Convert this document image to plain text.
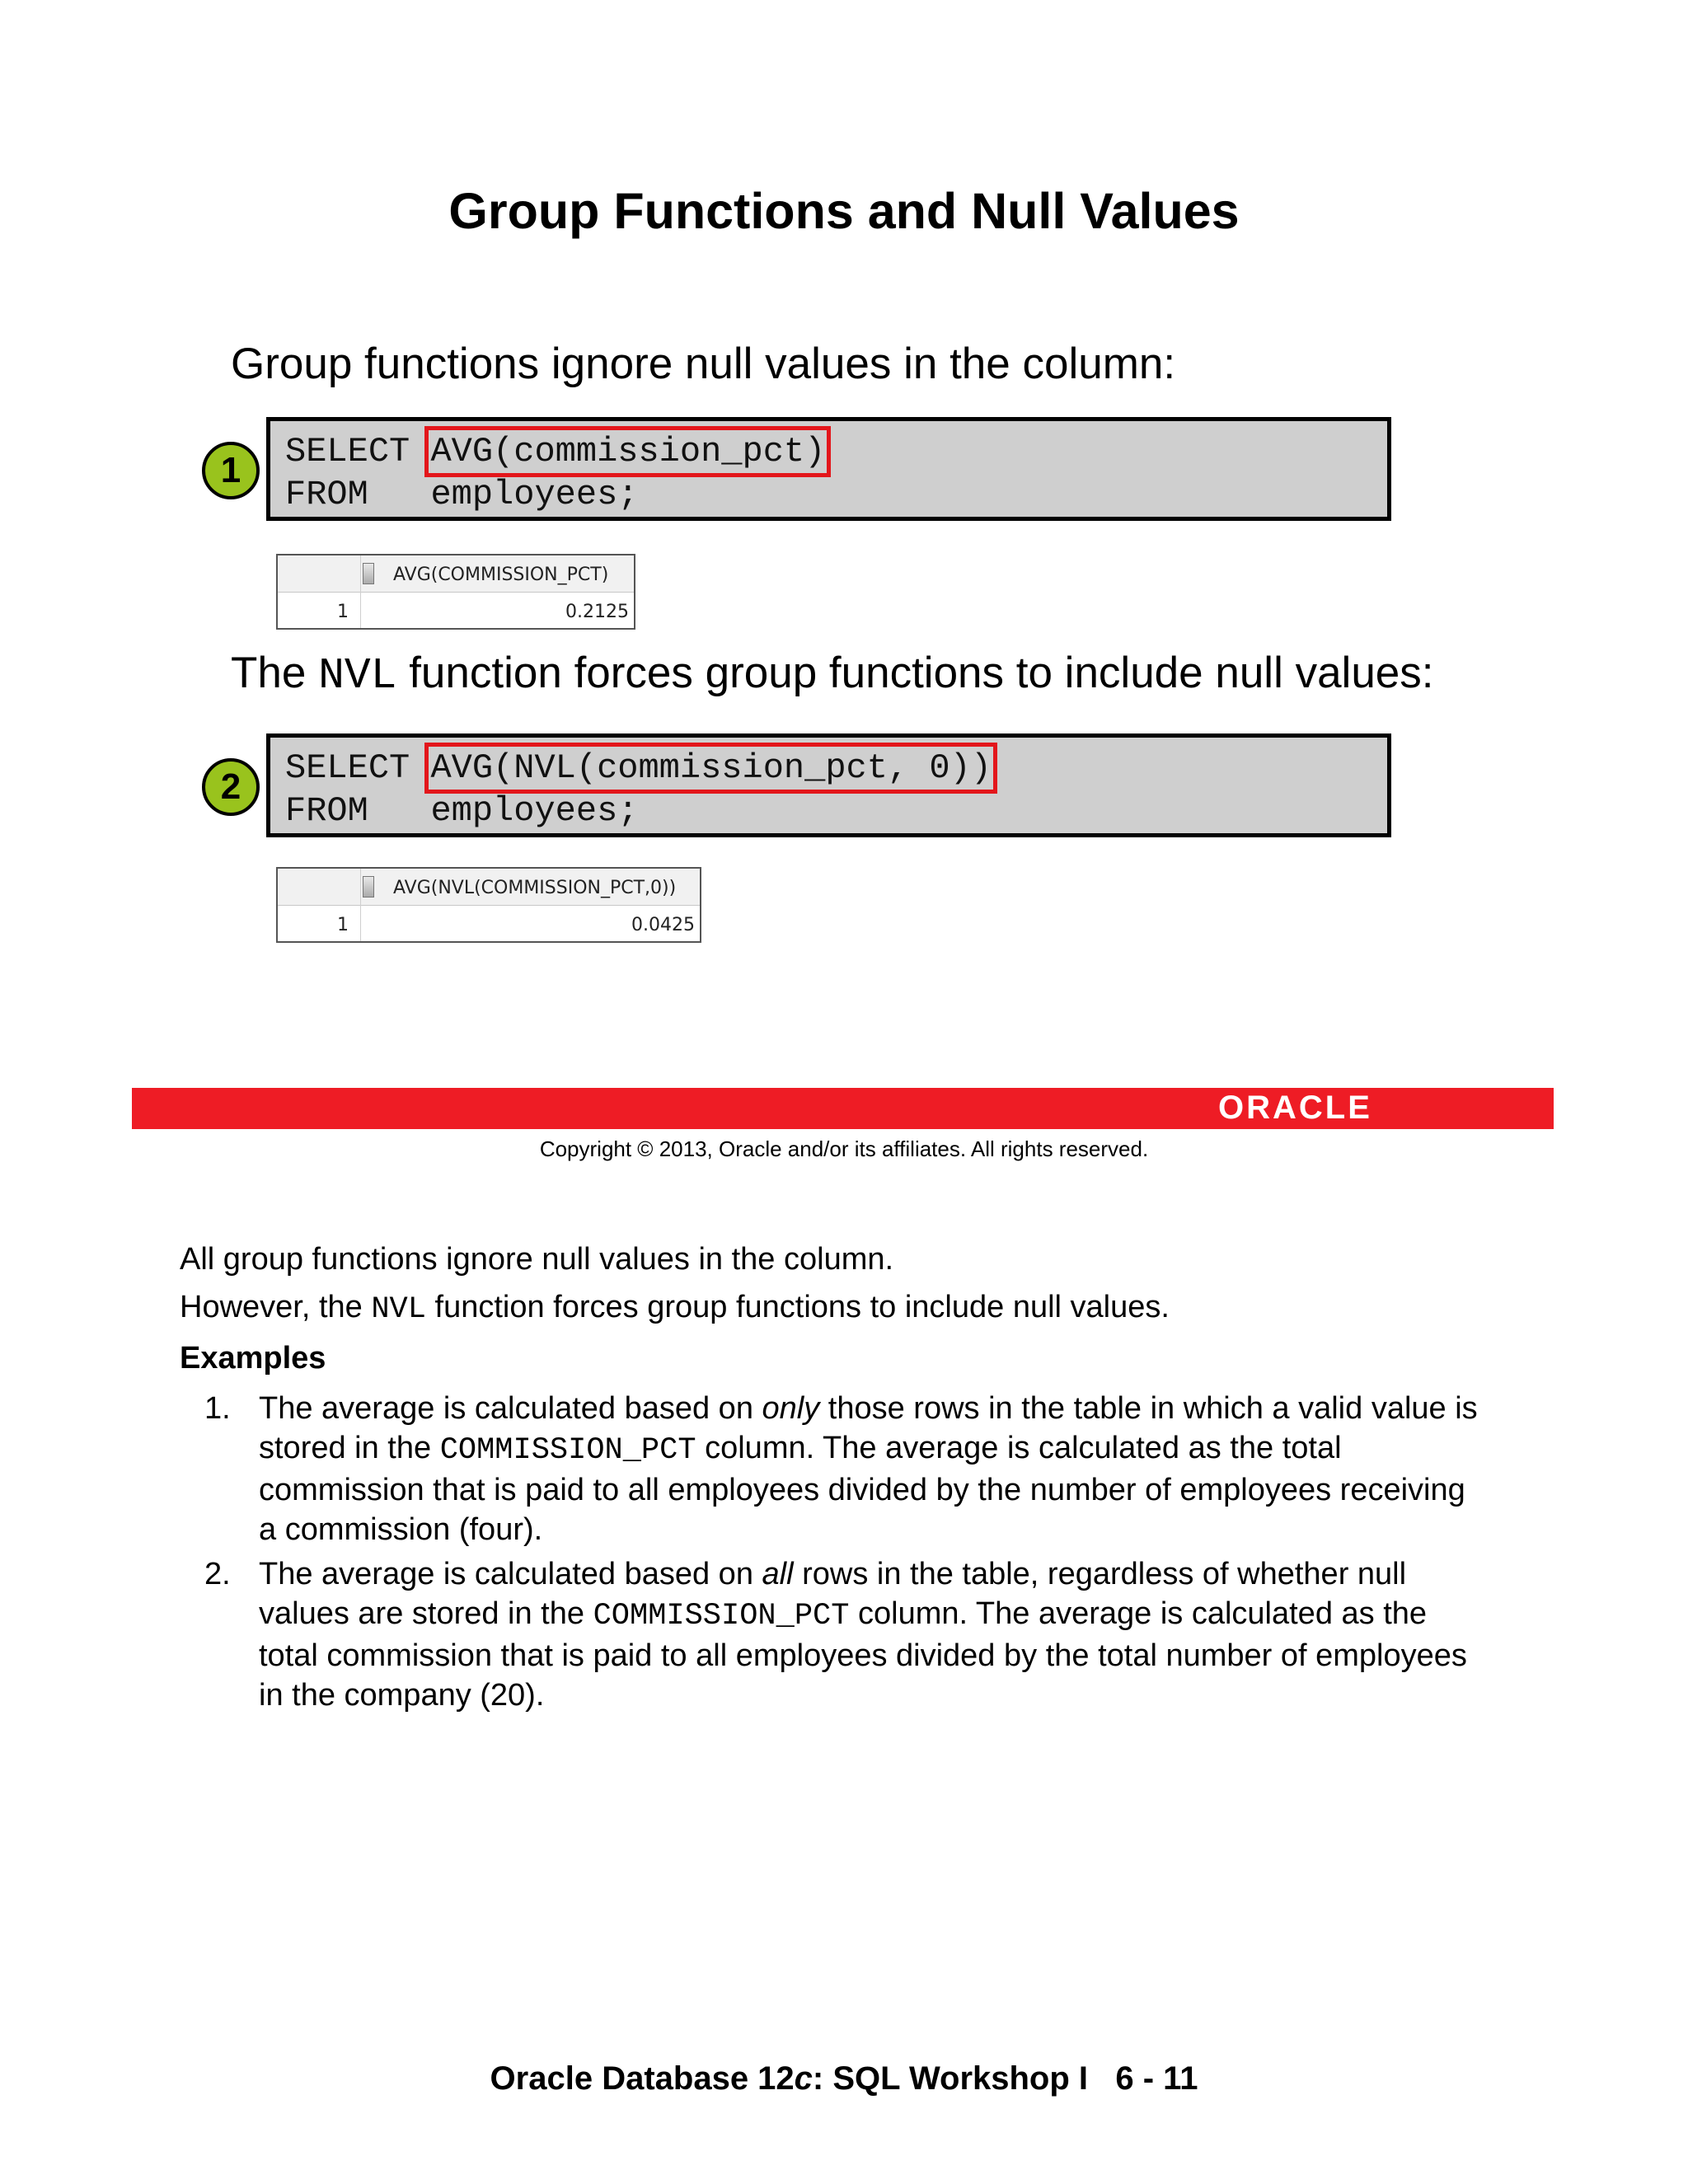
Group Functions and Null Values
Group functions ignore null values in the column:
1	SELECT AVG(commission_pct)
FROM   employees;
AVG(COMMISSION_PCT)
1	0.2125
The NVL function forces group functions to include null values:
2	SELECT AVG(NVL(commission_pct, 0))
FROM   employees;
AVG(NVL(COMMISSION_PCT,0))
1	0.0425
ORACLE
Copyright © 2013, Oracle and/or its affiliates. All rights reserved.
All group functions ignore null values in the column.
However, the NVL function forces group functions to include null values.
Examples
1. The average is calculated based on only those rows in the table in which a valid value is
stored in the COMMISSION_PCT column. The average is calculated as the total
commission that is paid to all employees divided by the number of employees receiving
a commission (four).
2. The average is calculated based on all rows in the table, regardless of whether null
values are stored in the COMMISSION_PCT column. The average is calculated as the
total commission that is paid to all employees divided by the total number of employees
in the company (20).
Oracle Database 12c: SQL Workshop I   6 - 11
